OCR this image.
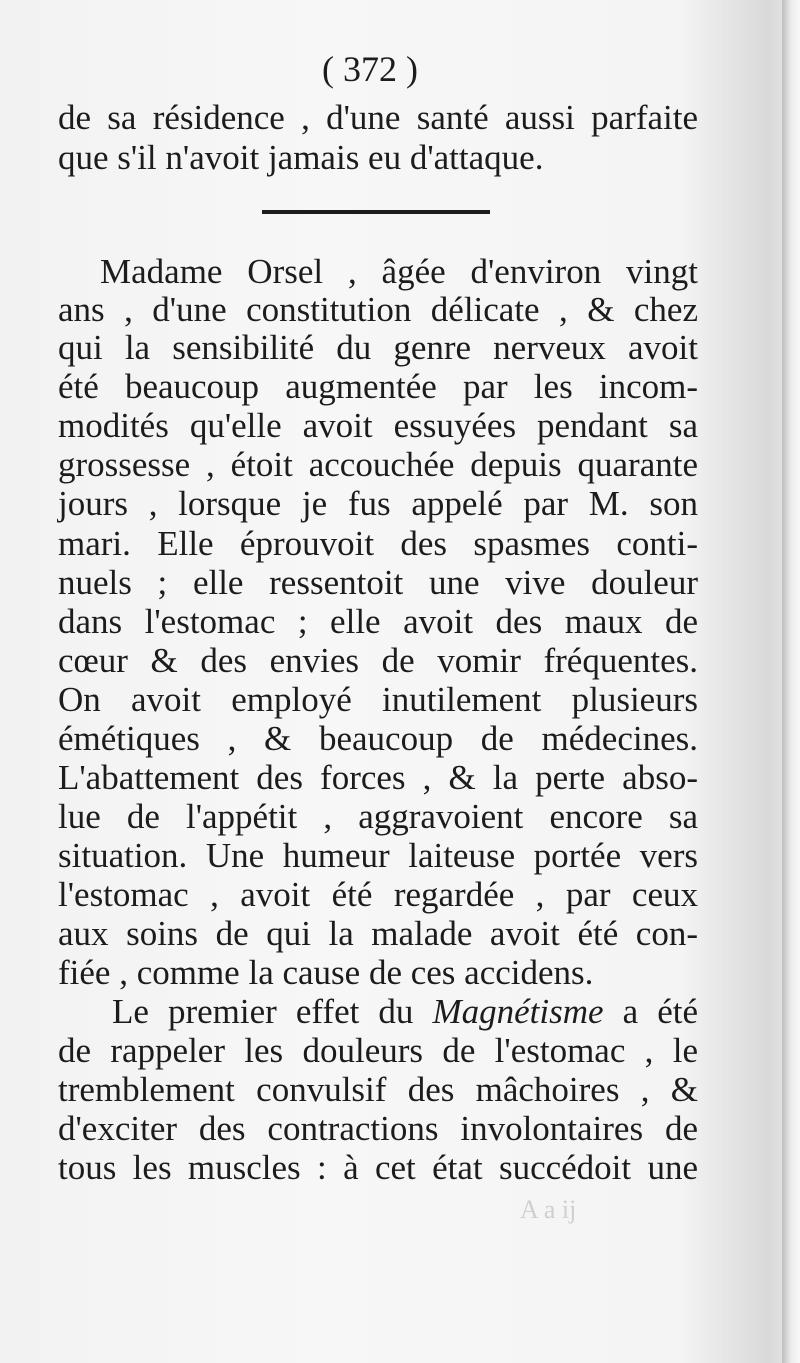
( 372 )
de sa résidence , d'une santé aussi parfaite
que s'il n'avoit jamais eu d'attaque.
Madame Orsel , âgée d'environ vingt
ans , d'une constitution délicate , & chez
qui la sensibilité du genre nerveux avoit
été beaucoup augmentée par les incom-
modités qu'elle avoit essuyées pendant sa
grossesse , étoit accouchée depuis quarante
jours , lorsque je fus appelé par M. son
mari. Elle éprouvoit des spasmes conti-
nuels ; elle ressentoit une vive douleur
dans l'estomac ; elle avoit des maux de
cœur & des envies de vomir fréquentes.
On avoit employé inutilement plusieurs
émétiques , & beaucoup de médecines.
L'abattement des forces , & la perte abso-
lue de l'appétit , aggravoient encore sa
situation. Une humeur laiteuse portée vers
l'estomac , avoit été regardée , par ceux
aux soins de qui la malade avoit été con-
fiée , comme la cause de ces accidens.
Le premier effet du Magnétisme a été
de rappeler les douleurs de l'estomac , le
tremblement convulsif des mâchoires , &
d'exciter des contractions involontaires de
tous les muscles : à cet état succédoit une
A a ij
